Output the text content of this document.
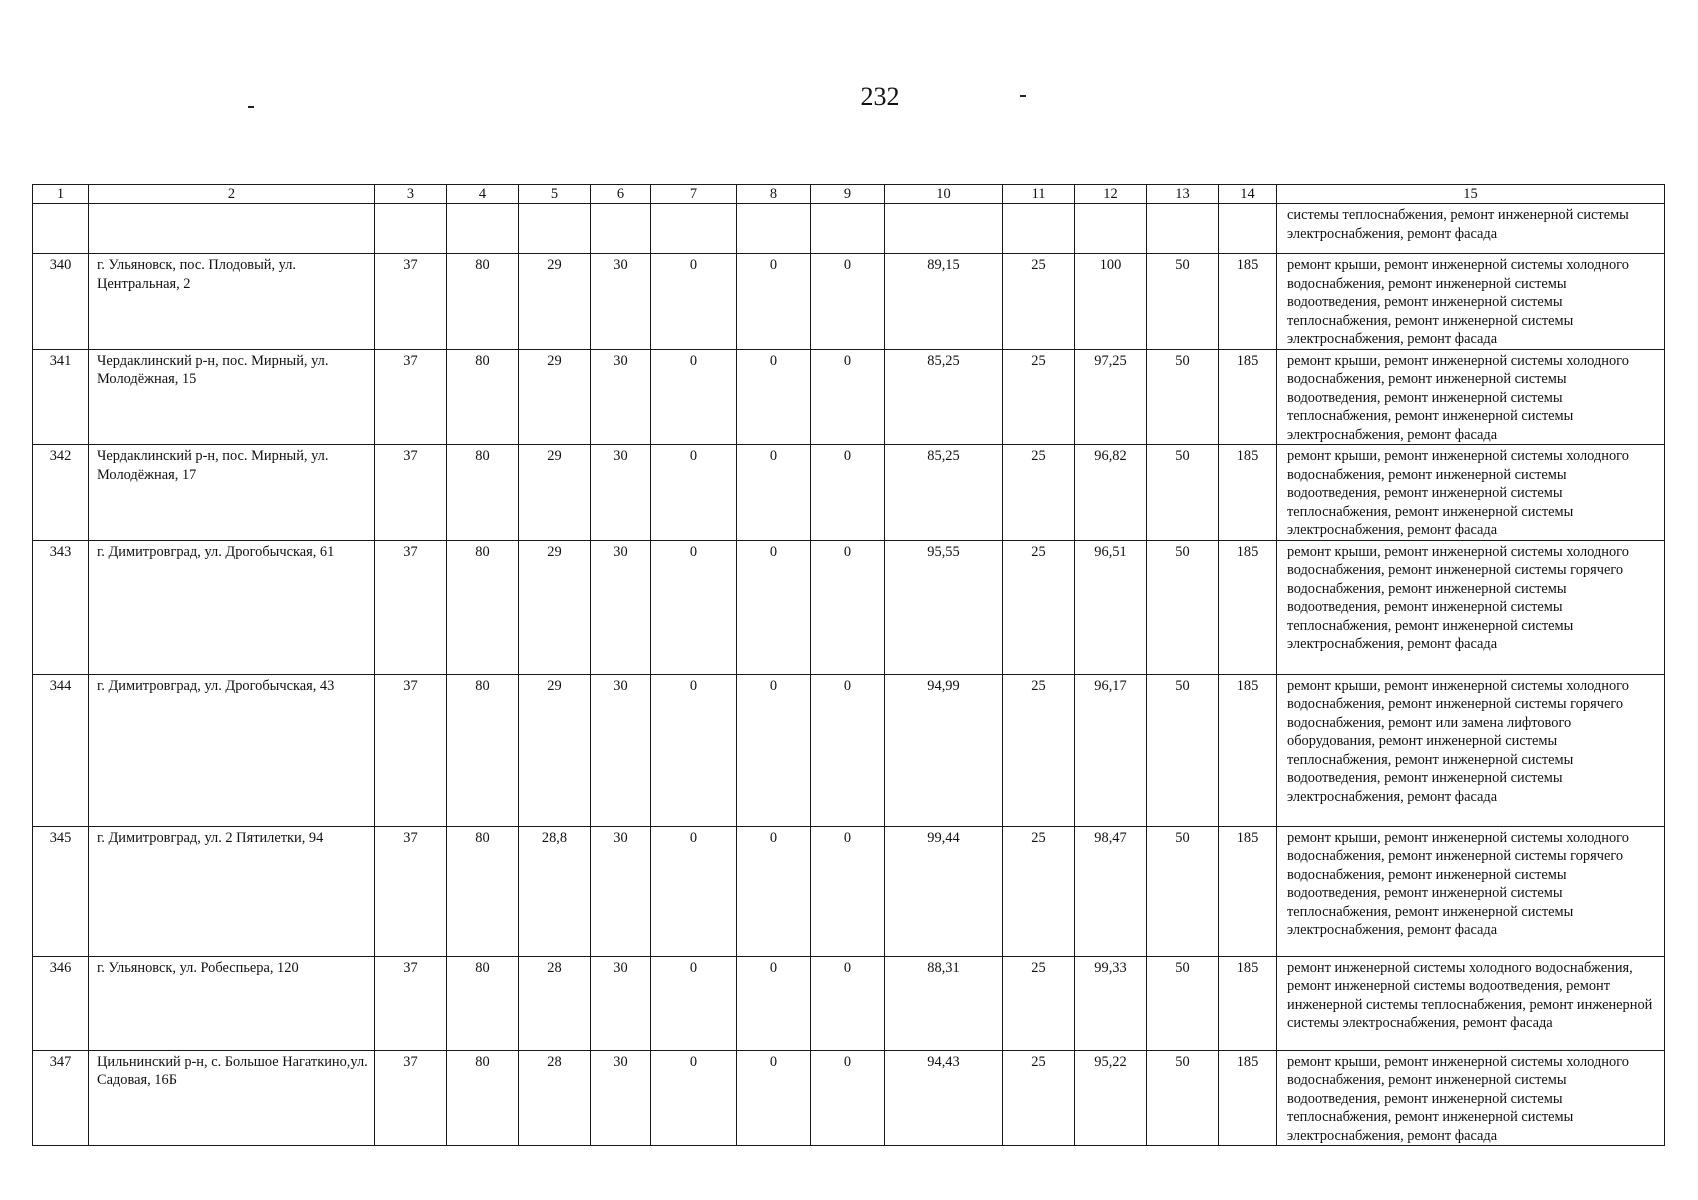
232
1	2	3	4	5	6	7	8	9	10	11	12	13	14	15
														системы теплоснабжения, ремонт инженерной системы электроснабжения, ремонт фасада
340	г. Ульяновск, пос. Плодовый, ул. Центральная, 2	37	80	29	30	0	0	0	89,15	25	100	50	185	ремонт крыши, ремонт инженерной системы холодного водоснабжения, ремонт инженерной системы водоотведения, ремонт инженерной системы теплоснабжения, ремонт инженерной системы электроснабжения, ремонт фасада
341	Чердаклинский р-н, пос. Мирный, ул. Молодёжная, 15	37	80	29	30	0	0	0	85,25	25	97,25	50	185	ремонт крыши, ремонт инженерной системы холодного водоснабжения, ремонт инженерной системы водоотведения, ремонт инженерной системы теплоснабжения, ремонт инженерной системы электроснабжения, ремонт фасада
342	Чердаклинский р-н, пос. Мирный, ул. Молодёжная, 17	37	80	29	30	0	0	0	85,25	25	96,82	50	185	ремонт крыши, ремонт инженерной системы холодного водоснабжения, ремонт инженерной системы водоотведения, ремонт инженерной системы теплоснабжения, ремонт инженерной системы электроснабжения, ремонт фасада
343	г. Димитровград, ул. Дрогобычская, 61	37	80	29	30	0	0	0	95,55	25	96,51	50	185	ремонт крыши, ремонт инженерной системы холодного водоснабжения, ремонт инженерной системы горячего водоснабжения, ремонт инженерной системы водоотведения, ремонт инженерной системы теплоснабжения, ремонт инженерной системы электроснабжения, ремонт фасада
344	г. Димитровград, ул. Дрогобычская, 43	37	80	29	30	0	0	0	94,99	25	96,17	50	185	ремонт крыши, ремонт инженерной системы холодного водоснабжения, ремонт инженерной системы горячего водоснабжения, ремонт или замена лифтового оборудования, ремонт инженерной системы теплоснабжения, ремонт инженерной системы водоотведения, ремонт инженерной системы электроснабжения, ремонт фасада
345	г. Димитровград, ул. 2 Пятилетки, 94	37	80	28,8	30	0	0	0	99,44	25	98,47	50	185	ремонт крыши, ремонт инженерной системы холодного водоснабжения, ремонт инженерной системы горячего водоснабжения, ремонт инженерной системы водоотведения, ремонт инженерной системы теплоснабжения, ремонт инженерной системы электроснабжения, ремонт фасада
346	г. Ульяновск, ул. Робеспьера, 120	37	80	28	30	0	0	0	88,31	25	99,33	50	185	ремонт инженерной системы холодного водоснабжения, ремонт инженерной системы водоотведения, ремонт инженерной системы теплоснабжения, ремонт инженерной системы электроснабжения, ремонт фасада
347	Цильнинский р-н, с. Большое Нагаткино,ул. Садовая, 16Б	37	80	28	30	0	0	0	94,43	25	95,22	50	185	ремонт крыши, ремонт инженерной системы холодного водоснабжения, ремонт инженерной системы водоотведения, ремонт инженерной системы теплоснабжения, ремонт инженерной системы электроснабжения, ремонт фасада
